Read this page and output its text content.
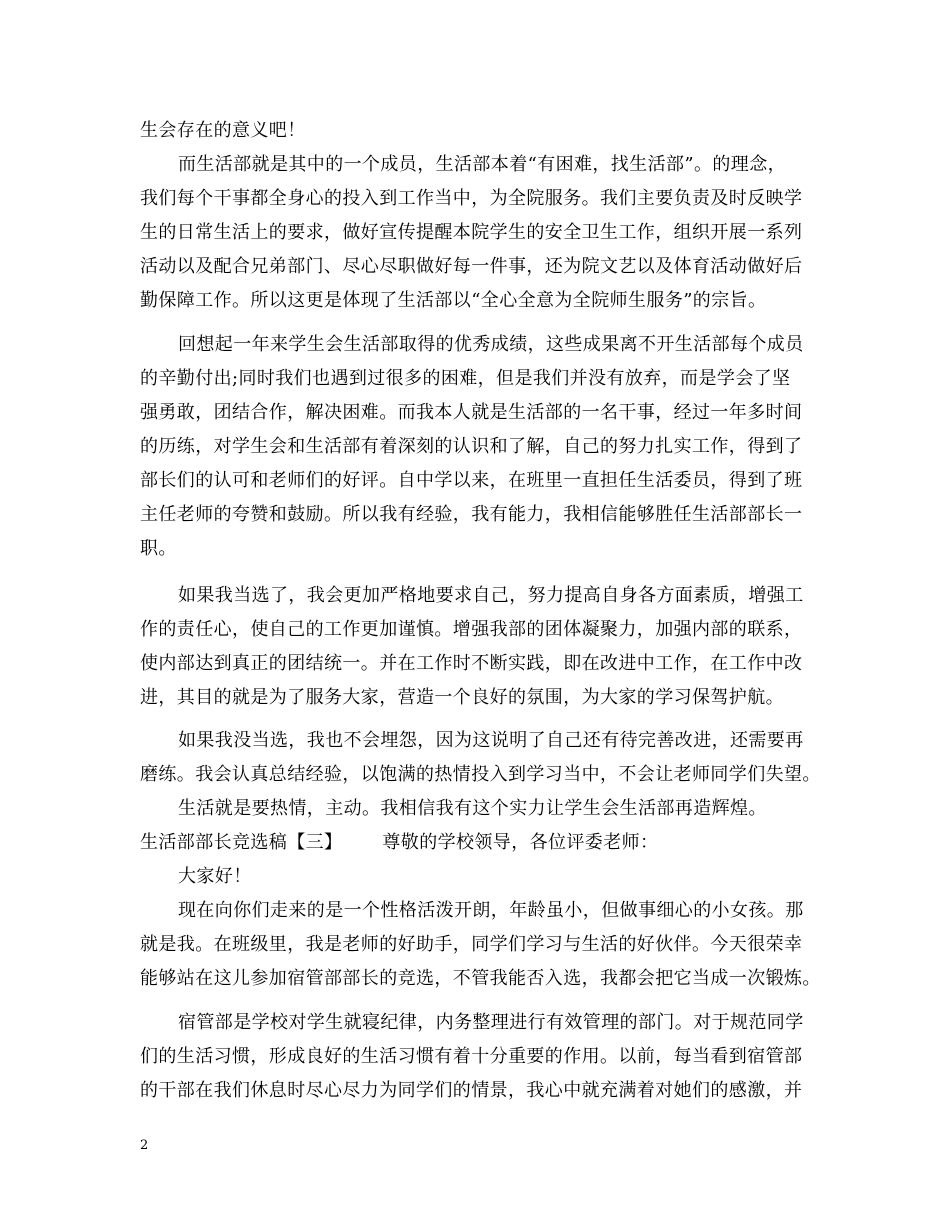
生会存在的意义吧！
而生活部就是其中的一个成员，生活部本着“有困难，找生活部”。的理念，
我们每个干事都全身心的投入到工作当中，为全院服务。我们主要负责及时反映学
生的日常生活上的要求，做好宣传提醒本院学生的安全卫生工作，组织开展一系列
活动以及配合兄弟部门、尽心尽职做好每一件事，还为院文艺以及体育活动做好后
勤保障工作。所以这更是体现了生活部以“全心全意为全院师生服务”的宗旨。
回想起一年来学生会生活部取得的优秀成绩，这些成果离不开生活部每个成员
的辛勤付出;同时我们也遇到过很多的困难，但是我们并没有放弃，而是学会了坚
强勇敢，团结合作，解决困难。而我本人就是生活部的一名干事，经过一年多时间
的历练，对学生会和生活部有着深刻的认识和了解，自己的努力扎实工作，得到了
部长们的认可和老师们的好评。自中学以来，在班里一直担任生活委员，得到了班
主任老师的夸赞和鼓励。所以我有经验，我有能力，我相信能够胜任生活部部长一
职。
如果我当选了，我会更加严格地要求自己，努力提高自身各方面素质，增强工
作的责任心，使自己的工作更加谨慎。增强我部的团体凝聚力，加强内部的联系，
使内部达到真正的团结统一。并在工作时不断实践，即在改进中工作，在工作中改
进，其目的就是为了服务大家，营造一个良好的氛围，为大家的学习保驾护航。
如果我没当选，我也不会埋怨，因为这说明了自己还有待完善改进，还需要再
磨练。我会认真总结经验，以饱满的热情投入到学习当中，不会让老师同学们失望。
生活就是要热情，主动。我相信我有这个实力让学生会生活部再造辉煌。
生活部部长竞选稿【三】 尊敬的学校领导，各位评委老师：
大家好！
现在向你们走来的是一个性格活泼开朗，年龄虽小，但做事细心的小女孩。那
就是我。在班级里，我是老师的好助手，同学们学习与生活的好伙伴。今天很荣幸
能够站在这儿参加宿管部部长的竞选，不管我能否入选，我都会把它当成一次锻炼。
宿管部是学校对学生就寝纪律，内务整理进行有效管理的部门。对于规范同学
们的生活习惯，形成良好的生活习惯有着十分重要的作用。以前，每当看到宿管部
的干部在我们休息时尽心尽力为同学们的情景，我心中就充满着对她们的感激，并
2
